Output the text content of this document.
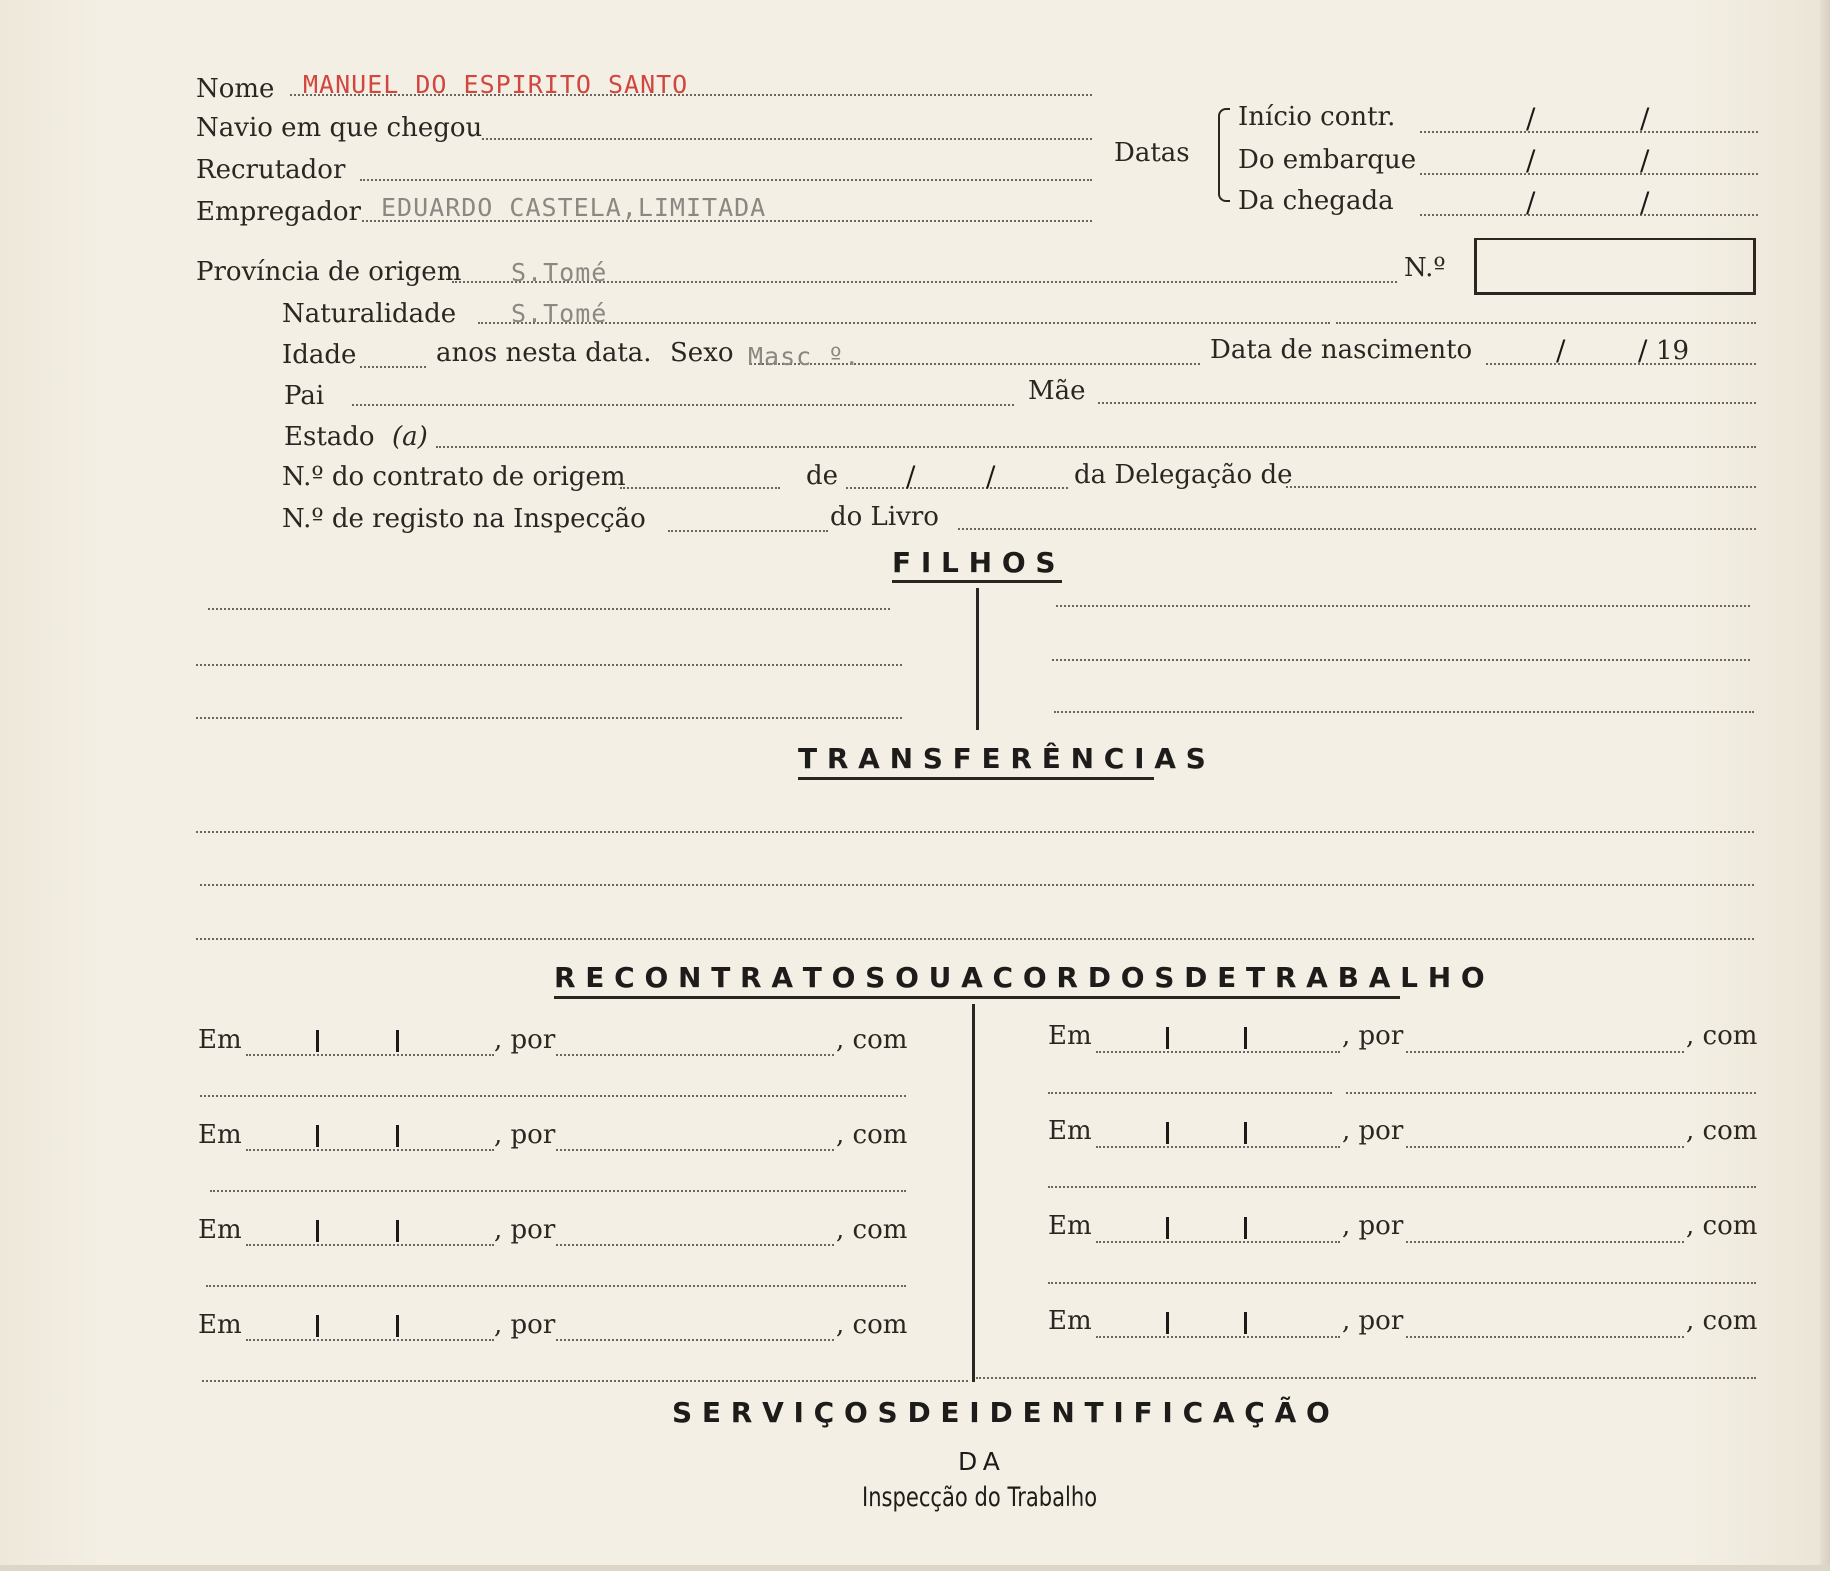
Nome MANUEL DO ESPIRITO SANTO
Navio em que chegou
Recrutador
Empregador EDUARDO CASTELA,LIMITADA
Datas
Início contr.	/	/
Do embarque	/	/
Da chegada	/	/
Província de origem S.Tomé	N.º
Naturalidade S.Tomé
Idade	anos nesta data. Sexo Masc º.	Data de nascimento	/	/ 19
Pai	Mãe
Estado (a)
N.º do contrato de origem	de /	/	da Delegação de
N.º de registo na Inspecção	do Livro
F I L H O S
T R A N S F E R Ê N C I A S
R E C O N T R A T O S O U A C O R D O S D E T R A B A L H O
Em	, por	, com
Em	, por	, com
Em	, por	, com
Em	, por	, com
Em	, por	, com
Em	, por	, com
Em	, por	, com
Em	, por	, com
S E R V I Ç O S D E I D E N T I F I C A Ç Ã O
DA
Inspecção do Trabalho
